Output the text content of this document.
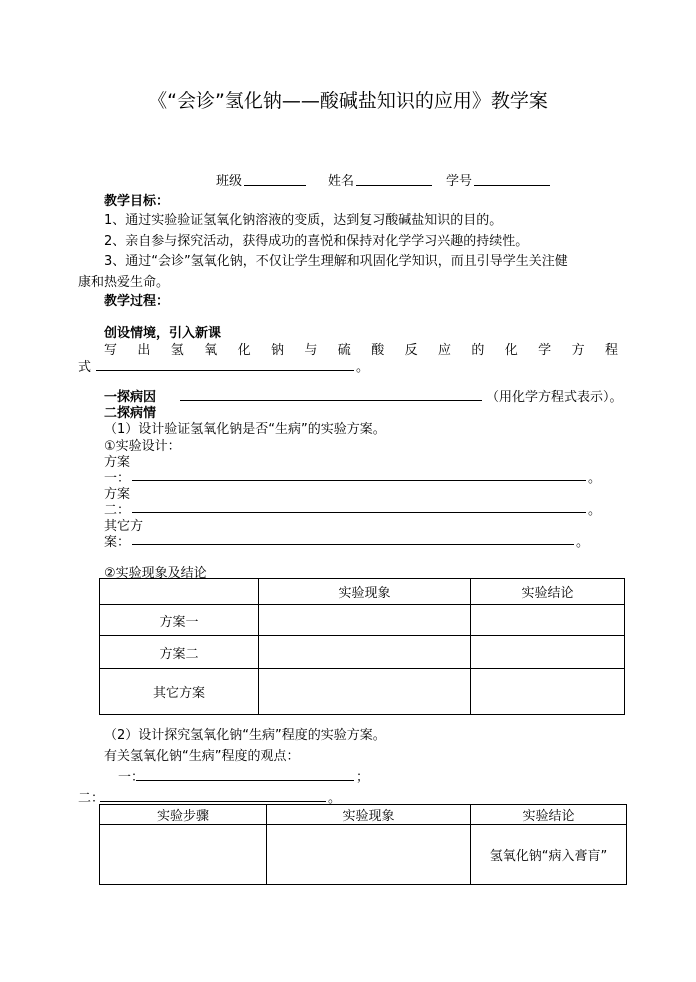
《“会诊”氢化钠——酸碱盐知识的应用》教学案
班级	姓名	学号
教学目标：
1、通过实验验证氢氧化钠溶液的变质，达到复习酸碱盐知识的目的。
2、亲自参与探究活动，获得成功的喜悦和保持对化学学习兴趣的持续性。
3、通过“会诊”氢氧化钠，不仅让学生理解和巩固化学知识，而且引导学生关注健
康和热爱生命。
教学过程：
创设情境，引入新课
写出氢氧化钠与硫酸反应的化学方程
式	。
一探病因	（用化学方程式表示）。
二探病情
（1）设计验证氢氧化钠是否“生病”的实验方案。
①实验设计：
方案
一：	。
方案
二：	。
其它方
案：	。
②实验现象及结论
	实验现象	实验结论
方案一		
方案二		
其它方案		
（2）设计探究氢氧化钠“生病”程度的实验方案。
有关氢氧化钠“生病”程度的观点：
一：	；
二：	。
实验步骤	实验现象	实验结论
		氢氧化钠“病入膏肓”
